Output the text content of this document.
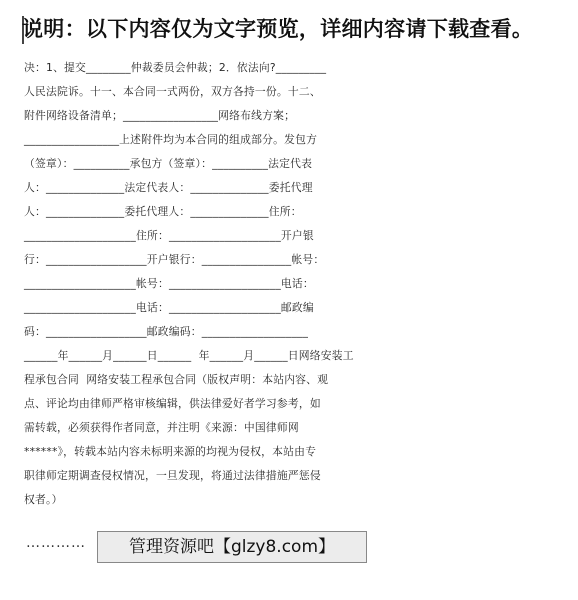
说明：以下内容仅为文字预览，详细内容请下载查看。
决：1、提交________仲裁委员会仲裁；2．依法向?_________
人民法院诉。十一、本合同一式两份，双方各持一份。十二、
附件网络设备清单；_________________网络布线方案；
_________________上述附件均为本合同的组成部分。发包方
（签章）：__________承包方（签章）：__________法定代表
人：______________法定代表人：______________委托代理
人：______________委托代理人：______________住所：
____________________住所：____________________开户银
行：__________________开户银行：________________帐号：
____________________帐号：____________________电话：
____________________电话：____________________邮政编
码：__________________邮政编码：___________________
______年______月______日______  年______月______日网络安装工
程承包合同  网络安装工程承包合同（版权声明：本站内容、观
点、评论均由律师严格审核编辑，供法律爱好者学习参考，如
需转载，必须获得作者同意，并注明《来源：中国律师网
******》，转载本站内容未标明来源的均视为侵权，本站由专
职律师定期调查侵权情况，一旦发现，将通过法律措施严惩侵
权者。）
…………	管理资源吧【glzy8.com】
